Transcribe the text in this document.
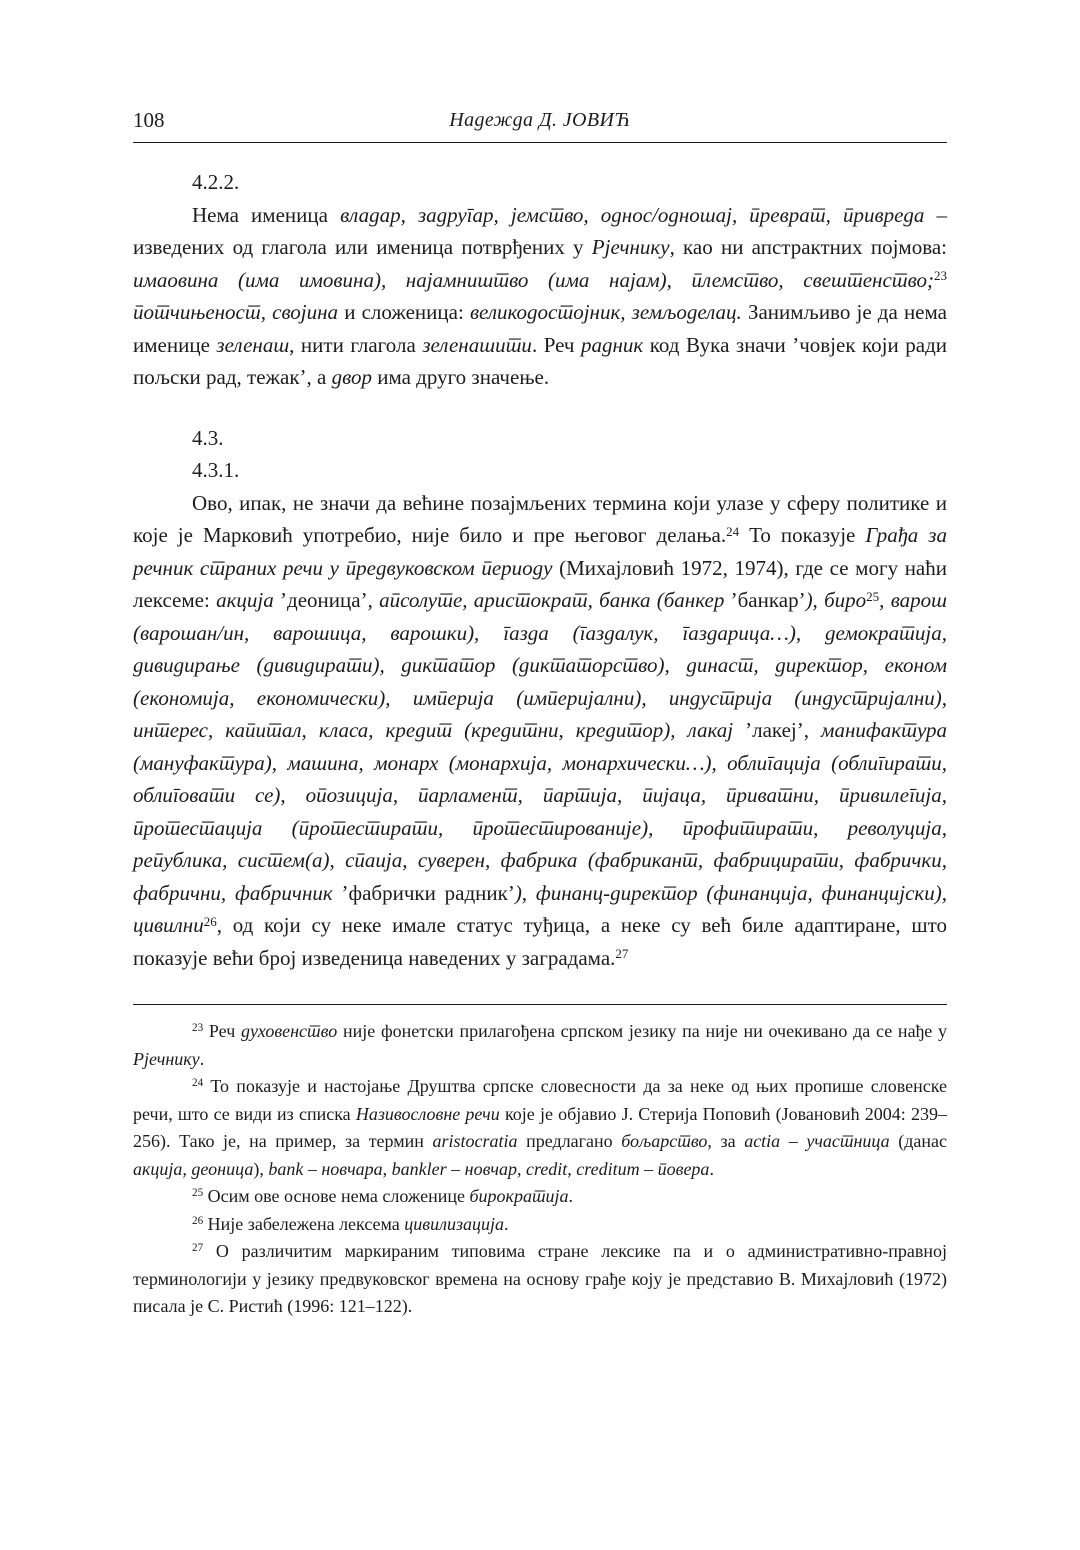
108	Надежда Д. ЈОВИЋ

4.2.2.

Нема именица владар, задругар, јемство, однос/одношај, преврат, привреда – изведених од глагола или именица потврђених у Рјечнику, као ни апстрактних појмова: имаовина (има имовина), најамништво (има најам), племство, свештенство;$^{23}$ потчињеност, својина и сложеница: великодостојник, земљоделац. Занимљиво је да нема именице зеленаш, нити глагола зеленашити. Реч радник код Вука значи ’човјек који ради пољски рад, тежак’, а двор има друго значење.

4.3.

4.3.1.

Ово, ипак, не значи да већине позајмљених термина који улазе у сферу политике и које је Марковић употребио, није било и пре његовог делања.$^{24}$ То показује Грађа за речник страних речи у предвуковском периоду (Михајловић 1972, 1974), где се могу наћи лексеме: акција ’деоница’, апсолуте, аристократ, банка (банкер ’банкар’), биро$^{25}$, варош (варошан/ин, варошица, варошки), газда (газдалук, газдарица…), демократија, дивидирање (дивидирати), диктатор (диктаторство), династ, директор, економ (економија, економически), империја (империјални), индустрија (индустријални), интерес, капитал, класа, кредит (кредитни, кредитор), лакај ’лакеј’, манифактура (мануфактура), машина, монарх (монархија, монархически…), облигација (облигирати, облиговати се), опозиција, парламент, партија, пијаца, приватни, привилегија, протестација (протестирати, протестированије), профитирати, револуција, република, систем(а), спаија, суверен, фабрика (фабрикант, фабрицирати, фабрички, фабрични, фабричник ’фабрички радник’), финанц-директор (финанција, финанцијски), цивилни$^{26}$, од који су неке имале статус туђица, а неке су већ биле адаптиране, што показује већи број изведеница наведених у заградама.$^{27}$

$^{23}$ Реч духовенство није фонетски прилагођена српском језику па није ни очекивано да се нађе у Рјечнику.

$^{24}$ То показује и настојање Друштва српске словесности да за неке од њих пропише словенске речи, што се види из списка Називословне речи које је објавио Ј. Стерија Поповић (Јовановић 2004: 239–256). Тако је, на пример, за термин aristocratia предлагано бољарство, за actia – участница (данас акција, деоница), bank – новчара, bankler – новчар, credit, creditum – повера.

$^{25}$ Осим ове основе нема сложенице бирократија.

$^{26}$ Није забележена лексема цивилизација.

$^{27}$ О различитим маркираним типовима стране лексике па и о административно-правној терминологији у језику предвуковског времена на основу грађе коју је представио В. Михајловић (1972) писала је С. Ристић (1996: 121–122).
